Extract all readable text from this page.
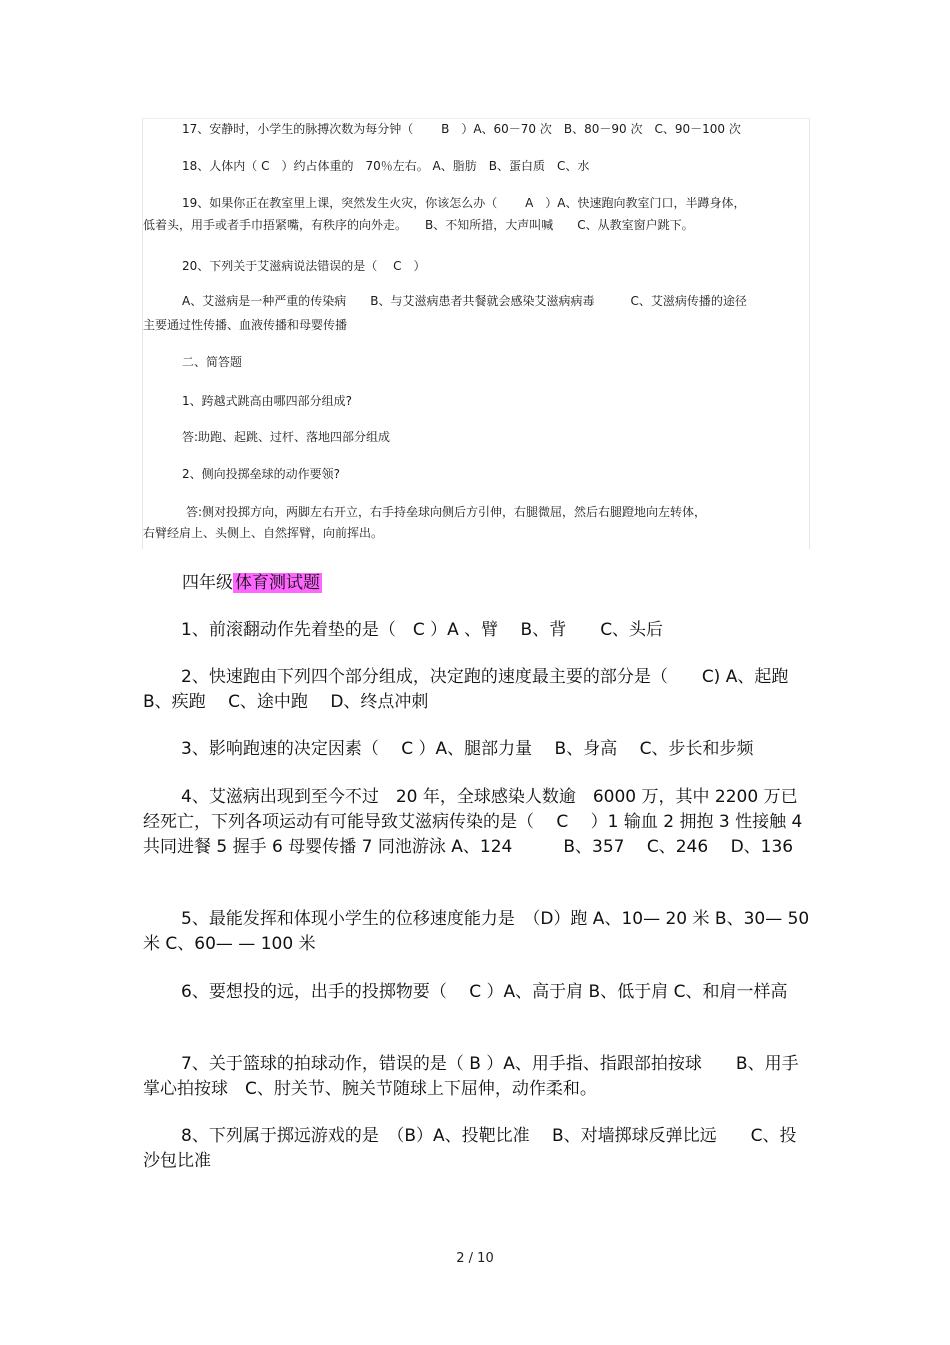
17、安静时，小学生的脉搏次数为每分钟（　　 B　）A、60－70 次　B、80－90 次　C、90－100 次

18、人体内（ C　）约占体重的　70％左右。 A、脂肪　B、蛋白质　C、水

19、如果你正在教室里上课，突然发生火灾，你该怎么办（　　 A　）A、快速跑向教室门口，半蹲身体，

低着头，用手或者手巾捂紧嘴，有秩序的向外走。　　B、不知所措，大声叫喊　　C、从教室窗户跳下。

20、下列关于艾滋病说法错误的是（　 C　）

A、艾滋病是一种严重的传染病　　B、与艾滋病患者共餐就会感染艾滋病病毒　　　C、艾滋病传播的途径

主要通过性传播、血液传播和母婴传播

二、简答题

1、跨越式跳高由哪四部分组成?

答:助跑、起跳、过杆、落地四部分组成

2、侧向投掷垒球的动作要领?

答:侧对投掷方向，两脚左右开立，右手持垒球向侧后方引伸，右腿微屈，然后右腿蹬地向左转体，

右臂经肩上、头侧上、自然挥臂，向前挥出。

四年级 体育测试题

1、前滚翻动作先着垫的是（　C ）A 、臂　 B、背　　C、头后

2、快速跑由下列四个部分组成，决定跑的速度最主要的部分是（　　C) A、起跑　B、疾跑　 C、途中跑　 D、终点冲刺

3、影响跑速的决定因素（　 C ）A、腿部力量　 B、身高　 C、步长和步频

4、艾滋病出现到至今不过　20 年，全球感染人数逾　6000 万，其中 2200 万已经死亡，下列各项运动有可能导致艾滋病传染的是（　 C　 ）1 输血 2 拥抱 3 性接触 4 共同进餐 5 握手 6 母婴传播 7 同池游泳 A、124　　　B、357　 C、246　 D、136

5、最能发挥和体现小学生的位移速度能力是　（D）跑 A、10— 20 米 B、30— 50 米 C、60— — 100 米

6、要想投的远，出手的投掷物要（　 C ）A、高于肩 B、低于肩 C、和肩一样高

7、关于篮球的拍球动作，错误的是（ B ）A、用手指、指跟部拍按球　　B、用手掌心拍按球　C、肘关节、腕关节随球上下屈伸，动作柔和。

8、下列属于掷远游戏的是　（B）A、投靶比准　 B、对墙掷球反弹比远　　C、投沙包比准

2 / 10
